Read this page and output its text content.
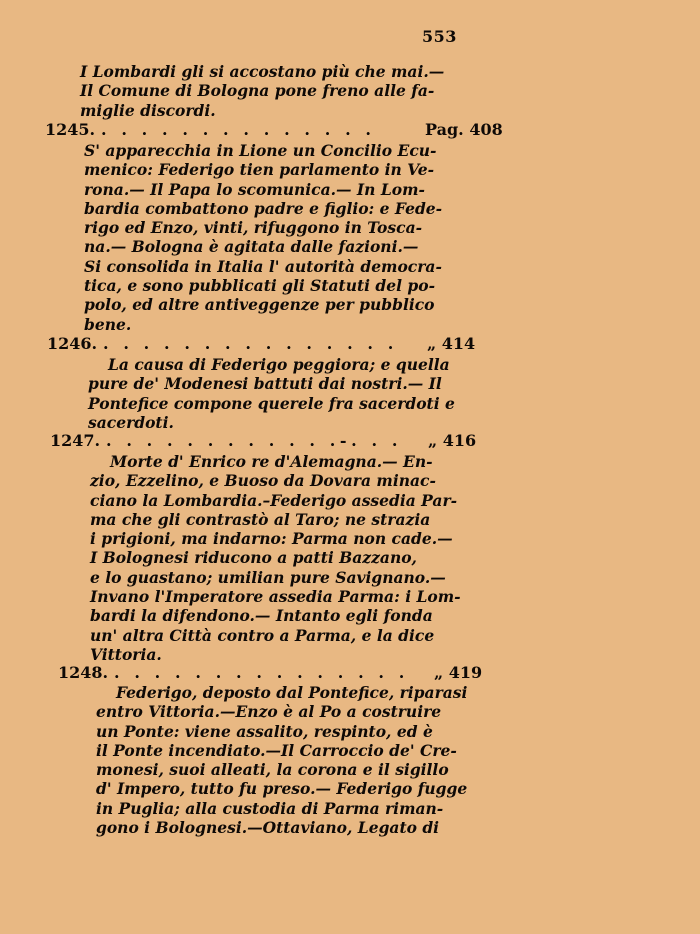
553
I Lombardi gli si accostano più che mai.—
Il Comune di Bologna pone freno alle fa-
miglie discordi.
1245. . . . . . . . . . . . . . .	Pag. 408
S' apparecchia in Lione un Concilio Ecu-
menico: Federigo tien parlamento in Ve-
rona.— Il Papa lo scomunica.— In Lom-
bardia combattono padre e figlio: e Fede-
rigo ed Enzo, vinti, rifuggono in Tosca-
na.— Bologna è agitata dalle fazioni.—
Si consolida in Italia l' autorità democra-
tica, e sono pubblicati gli Statuti del po-
polo, ed altre antiveggenze per pubblico
bene.
1246. . . . . . . . . . . . . . . . „ 414
La causa di Federigo peggiora; e quella
pure de' Modenesi battuti dai nostri.— Il
Pontefice compone querele fra sacerdoti e
sacerdoti.
1247. . . . . . . . . . . . .-. . . „ 416
Morte d' Enrico re d'Alemagna.— En-
zio, Ezzelino, e Buoso da Dovara minac-
ciano la Lombardia.–Federigo assedia Par-
ma che gli contrastò al Taro; ne strazia
i prigioni, ma indarno: Parma non cade.—
I Bolognesi riducono a patti Bazzano,
e lo guastano; umilian pure Savignano.—
Invano l'Imperatore assedia Parma: i Lom-
bardi la difendono.— Intanto egli fonda
un' altra Città contro a Parma, e la dice
Vittoria.
1248. . . . . . . . . . . . . . . . „ 419
Federigo, deposto dal Pontefice, riparasi
entro Vittoria.—Enzo è al Po a costruire
un Ponte: viene assalito, respinto, ed è
il Ponte incendiato.—Il Carroccio de' Cre-
monesi, suoi alleati, la corona e il sigillo
d' Impero, tutto fu preso.— Federigo fugge
in Puglia; alla custodia di Parma riman-
gono i Bolognesi.—Ottaviano, Legato di
